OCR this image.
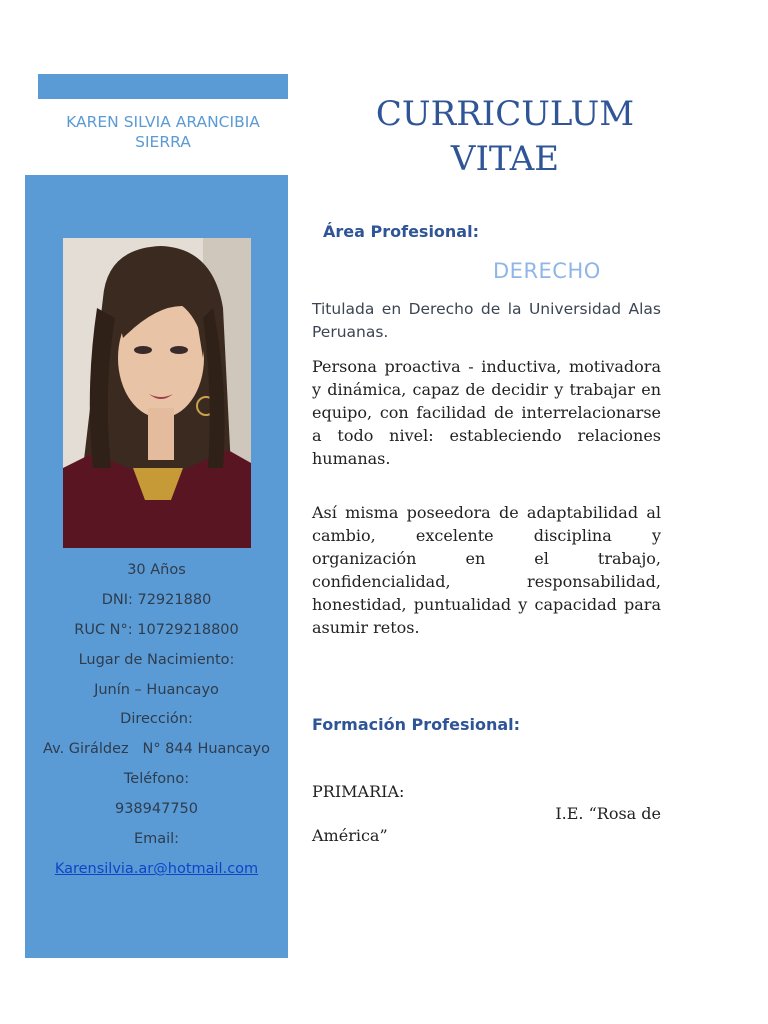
KAREN SILVIA ARANCIBIA SIERRA
30 Años
DNI: 72921880
RUC N°: 10729218800
Lugar de Nacimiento:
Junín – Huancayo
Dirección:
Av. Giráldez   N° 844 Huancayo
Teléfono:
938947750
Email:
Karensilvia.ar@hotmail.com
CURRICULUM VITAE
Área Profesional:
DERECHO
Titulada en Derecho de la Universidad Alas Peruanas.
Persona proactiva - inductiva, motivadora y dinámica, capaz de decidir y trabajar en equipo, con facilidad de interrelacionarse a todo nivel: estableciendo relaciones humanas.
Así misma poseedora de adaptabilidad al cambio, excelente disciplina y organización en el trabajo, confidencialidad, responsabilidad, honestidad, puntualidad y capacidad para asumir retos.
Formación Profesional:
PRIMARIA:
I.E. “Rosa de
América”
